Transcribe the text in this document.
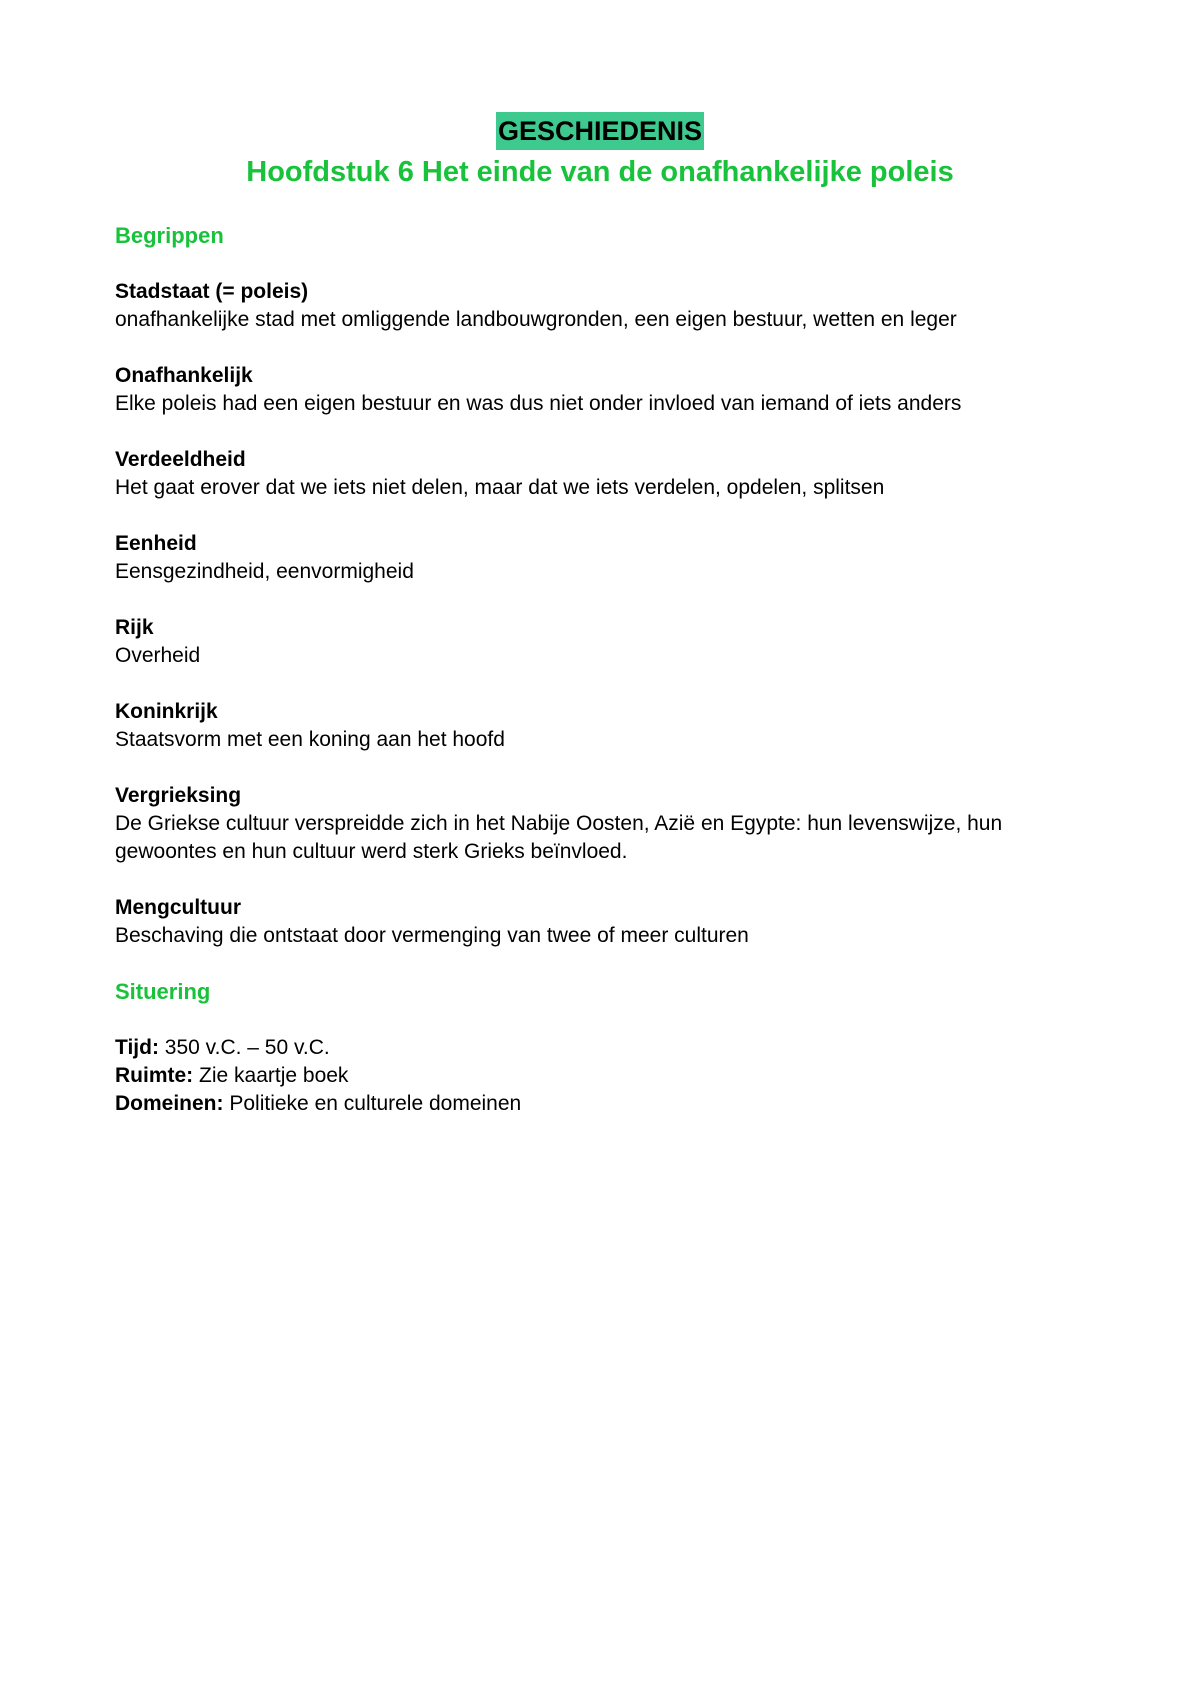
GESCHIEDENIS
Hoofdstuk 6 Het einde van de onafhankelijke poleis
Begrippen
Stadstaat (= poleis)
onafhankelijke stad met omliggende landbouwgronden, een eigen bestuur, wetten en leger
Onafhankelijk
Elke poleis had een eigen bestuur en was dus niet onder invloed van iemand of iets anders
Verdeeldheid
Het gaat erover dat we iets niet delen, maar dat we iets verdelen, opdelen, splitsen
Eenheid
Eensgezindheid, eenvormigheid
Rijk
Overheid
Koninkrijk
Staatsvorm met een koning aan het hoofd
Vergrieksing
De Griekse cultuur verspreidde zich in het Nabije Oosten, Azië en Egypte: hun levenswijze, hun gewoontes en hun cultuur werd sterk Grieks beïnvloed.
Mengcultuur
Beschaving die ontstaat door vermenging van twee of meer culturen
Situering
Tijd: 350 v.C. – 50 v.C.
Ruimte: Zie kaartje boek
Domeinen: Politieke en culturele domeinen
